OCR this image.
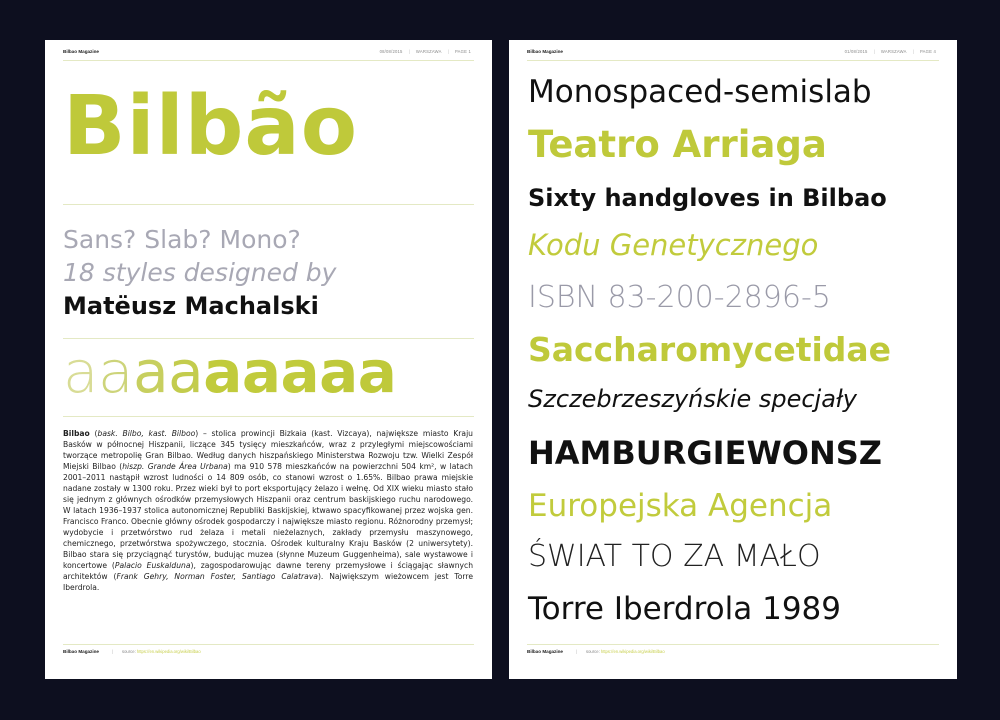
Bilbao Magazine	08/08/2015 | WARSZAWA | PAGE 1
Bilbão
Sans? Slab? Mono?
18 styles designed by
Matëusz Machalski
aaaaaaaaa
Bilbao (bask. Bilbo, kast. Bilboo) – stolica prowincji Bizkaia (kast. Vizcaya), największe miasto Kraju Basków w północnej Hiszpanii, liczące 345 tysięcy mieszkańców, wraz z przyległymi miejscowościami tworzące metropolię Gran Bilbao. Według danych hiszpańskiego Ministerstwa Rozwoju tzw. Wielki Zespół Miejski Bilbao (hiszp. Grande Área Urbana) ma 910 578 mieszkańców na powierzchni 504 km², w latach 2001–2011 nastąpił wzrost ludności o 14 809 osób, co stanowi wzrost o 1.65%. Bilbao prawa miejskie nadane zostały w 1300 roku. Przez wieki był to port eksportujący żelazo i wełnę. Od XIX wieku miasto stało się jednym z głównych ośrodków przemysłowych Hiszpanii oraz centrum baskijskiego ruchu narodowego. W latach 1936–1937 stolica autonomicznej Republiki Baskijskiej, ktwawo spacyfikowanej przez wojska gen. Francisco Franco. Obecnie główny ośrodek gospodarczy i największe miasto regionu. Różnorodny przemysł; wydobycie i przetwórstwo rud żelaza i metali nieżelaznych, zakłady przemysłu maszynowego, chemicznego, przetwórstwa spożywczego, stocznia. Ośrodek kulturalny Kraju Basków (2 uniwersytety). Bilbao stara się przyciągnąć turystów, budując muzea (słynne Muzeum Guggenheima), sale wystawowe i koncertowe (Palacio Euskalduna), zagospodarowując dawne tereny przemysłowe i ściągając sławnych architektów (Frank Gehry, Norman Foster, Santiago Calatrava). Największym wieżowcem jest Torre Iberdrola.
Bilbao Magazine	| source: https://en.wikipedia.org/wiki/Bilbao
Bilbao Magazine	01/08/2015 | WARSZAWA | PAGE 4
Monospaced-semislab
Teatro Arriaga
Sixty handgloves in Bilbao
Kodu Genetycznego
ISBN 83-200-2896-5
Saccharomycetidae
Szczebrzeszyńskie specjały
HAMBURGIEWONSZ
Europejska Agencja
ŚWIAT TO ZA MAŁO
Torre Iberdrola 1989
Bilbao Magazine	| source: https://en.wikipedia.org/wiki/Bilbao
